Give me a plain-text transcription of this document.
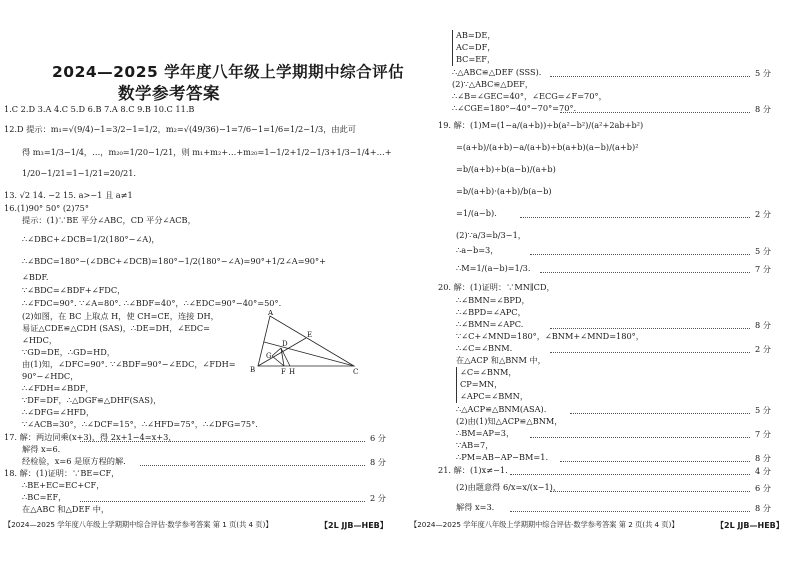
2024—2025 学年度八年级上学期期中综合评估
数学参考答案
1.C 2.D 3.A 4.C 5.D 6.B 7.A 8.C 9.B 10.C 11.B
12.D 提示：m₁=√(9/4)−1=3/2−1=1/2，m₂=√(49/36)−1=7/6−1=1/6=1/2−1/3，由此可
得 m₃=1/3−1/4，…，m₂₀=1/20−1/21，则 m₁+m₂+…+m₂₀=1−1/2+1/2−1/3+1/3−1/4+…+
1/20−1/21=1−1/21=20/21.
13. √2 14. −2 15. a>−1 且 a≠1
16.(1)90° 50° (2)75°
提示：(1)∵BE 平分∠ABC，CD 平分∠ACB，
∴∠DBC+∠DCB=1/2(180°−∠A)，
∴∠BDC=180°−(∠DBC+∠DCB)=180°−1/2(180°−∠A)=90°+1/2∠A=90°+
∠BDF.
∵∠BDC=∠BDF+∠FDC，
∴∠FDC=90°. ∵∠A=80°. ∴∠BDF=40°，∴∠EDC=90°−40°=50°.
(2)如图，在 BC 上取点 H，使 CH=CE，连接 DH，
易证△CDE≌△CDH (SAS)，∴DE=DH，∠EDC=
∠HDC，
∵GD=DE，∴GD=HD，
由(1)知，∠DFC=90°. ∵∠BDF=90°−∠EDC，∠FDH=
90°−∠HDC，
∴∠FDH=∠BDF，
∵DF=DF，∴△DGF≌△DHF(SAS)，
∴∠DFG=∠HFD，
∵∠ACB=30°，∴∠DCF=15°，∴∠HFD=75°，∴∠DFG=75°.
17. 解：两边同乘(x+3)，得 2x+1−4=x+3，
解得 x=6.
经检验，x=6 是原方程的解.
18. 解：(1)证明：∵BE=CF，
∴BE+EC=EC+CF，
∴BC=EF，
在△ABC 和△DEF 中，
6 分
8 分
2 分
A
B	C
D
E
F
G
H
【2024—2025 学年度八年级上学期期中综合评估·数学参考答案 第 1 页(共 4 页)】	【2L JJB—HEB】
AB=DE，
AC=DF，
BC=EF，
∴△ABC≌△DEF (SSS).
(2)∵△ABC≌△DEF，
∴∠B=∠GEC=40°，∠ECG=∠F=70°，
∴∠CGE=180°−40°−70°=70°.
19. 解：(1)M=(1−a/(a+b))÷b(a²−b²)/(a²+2ab+b²)
=(a+b)/(a+b)−a/(a+b)÷b(a+b)(a−b)/(a+b)²
=b/(a+b)÷b(a−b)/(a+b)
=b/(a+b)·(a+b)/b(a−b)
=1/(a−b).
(2)∵a/3=b/3−1，
∴a−b=3，
∴M=1/(a−b)=1/3.
20. 解：(1)证明：∵MN∥CD，
∴∠BMN=∠BPD，
∴∠BPD=∠APC，
∴∠BMN=∠APC.
∵∠C+∠MND=180°，∠BNM+∠MND=180°，
∴∠C=∠BNM.
在△ACP 和△BNM 中，
∠C=∠BNM，
CP=MN，
∠APC=∠BMN，
∴△ACP≌△BNM(ASA).
(2)由(1)知△ACP≌△BNM，
∴BM=AP=3，
∵AB=7，
∴PM=AB−AP−BM=1.
21. 解：(1)x≠−1.
(2)由题意得 6/x=x/(x−1)，
解得 x=3.
5 分
8 分
2 分
5 分
7 分
8 分
2 分
5 分
7 分
8 分
4 分
6 分
8 分
【2024—2025 学年度八年级上学期期中综合评估·数学参考答案 第 2 页(共 4 页)】	【2L JJB—HEB】
